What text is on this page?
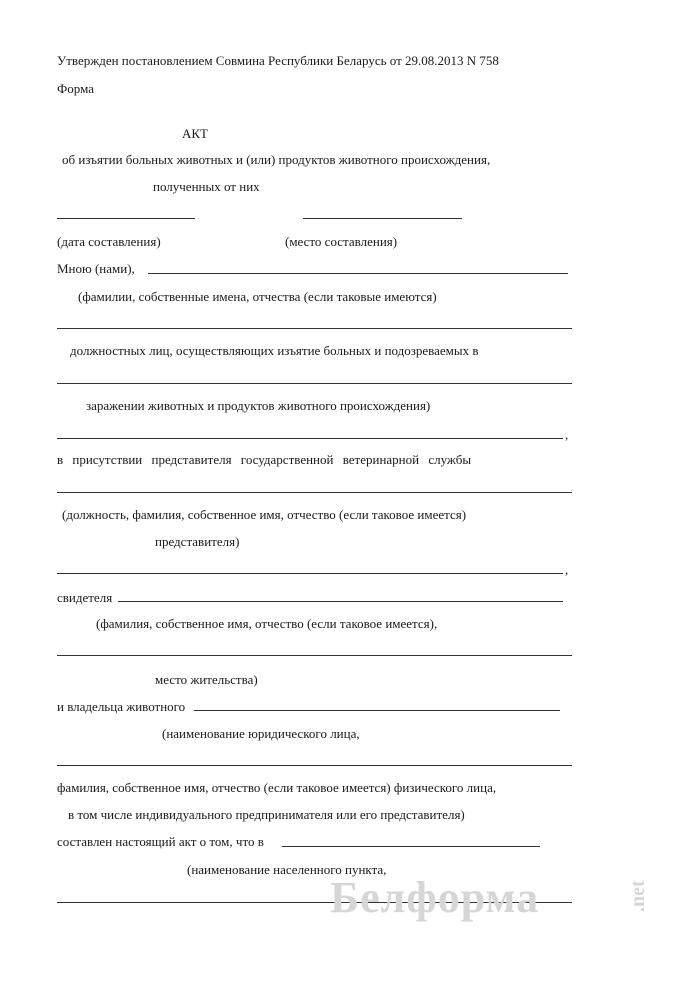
Утвержден постановлением Совмина Республики Беларусь от 29.08.2013 N 758
Форма
АКТ
об изъятии больных животных и (или) продуктов животного происхождения,
полученных от них
(дата составления)	(место составления)
Мною (нами),
(фамилии, собственные имена, отчества (если таковые имеются)
должностных лиц, осуществляющих изъятие больных и подозреваемых в
заражении животных и продуктов животного происхождения)
,
в присутствии представителя государственной ветеринарной службы
(должность, фамилия, собственное имя, отчество (если таковое имеется)
представителя)
,
свидетеля
(фамилия, собственное имя, отчество (если таковое имеется),
место жительства)
и владельца животного
(наименование юридического лица,
фамилия, собственное имя, отчество (если таковое имеется) физического лица,
в том числе индивидуального предпринимателя или его представителя)
составлен настоящий акт о том, что в
(наименование населенного пункта,
Белформа	.net
